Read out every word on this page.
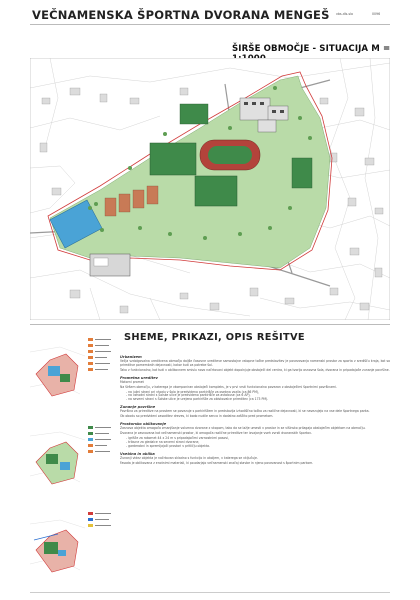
VEČNAMENSKA ŠPORTNA DVORANA MENGEŠ vbs-dls-slo	0096
ŠIRŠE OBMOČJE - SITUACIJA M =
SHEME, PRIKAZI, OPIS REŠITVE
Urbanizem
Večja vzdolgovalna ureditvena območja daljše časovne urediteve samostojne vstopne točke predstavitev je povezovanja namenski prostor za sporta v središču kraja, kot so prireditve pomembnih dejavnosti, kakor tudi za potrebe šol.
Tako v funkcionalno, kot tudi v oblikovnem smislu novo načrtovani objekt dopolnjuje obstoječi del centra, ki ga tvorijo osnovna šola, dvorana in pripadajoče zunanje površine.
Prometna ureditev
Motorni promet
Na širšem območju, v katerega je vkomponiran obstoječi kompleks, je v prvi vrsti funkcionalno povezan z obstoječimi športnimi površinami.
- na južni strani pri vhodu v šolo je predvideno parkirišče za osebna vozila (ca 86 PM),
- na vzhodni strani s Šolske ulice je predvideno parkirišče za avtobuse (ca 6 AP),
- na severni strani s Šolske ulice je urejeno parkirišče za obiskovalce prireditev (ca 173 PM).
Zunanje površine
Površina za prireditve na prostem se povezuje s parkiriščem in predstavlja izhodiščno točko za različne dejavnosti, ki se navezujejo na vse dele športnega parka.
Ob obodu so predvideni zasaditev dreves, ki bodo nudile senco in dodatno zaščito pred prometom.
Prostorsko oblikovanje
Zasnova objekta omogoča zmanjšanje volumna dvorane z vkopom, tako da se lažje umesti v prostor in se višinsko prilagaja obstoječim objektom na območju.
Dvorana je zasnovana kot večnamenski prostor, ki omogoča različne prireditve ter izvajanje vseh zvrsti dvoranskih športov.
- igrišče za rokomet 44 x 24 m s pripadajočimi varnostnimi pasovi,
- tribune za gledalce na severni strani dvorane,
- garderobni in spremljajoči prostori v pritličju objekta.
Vsebina in oblika
Zunanji videz objekta je načrtovan skladno s funkcijo in okoljem, v katerega se vključuje.
Fasada je oblikovana z enotnimi materiali, ki poudarjajo večnamenski značaj stavbe in njeno povezanost s športnim parkom.
